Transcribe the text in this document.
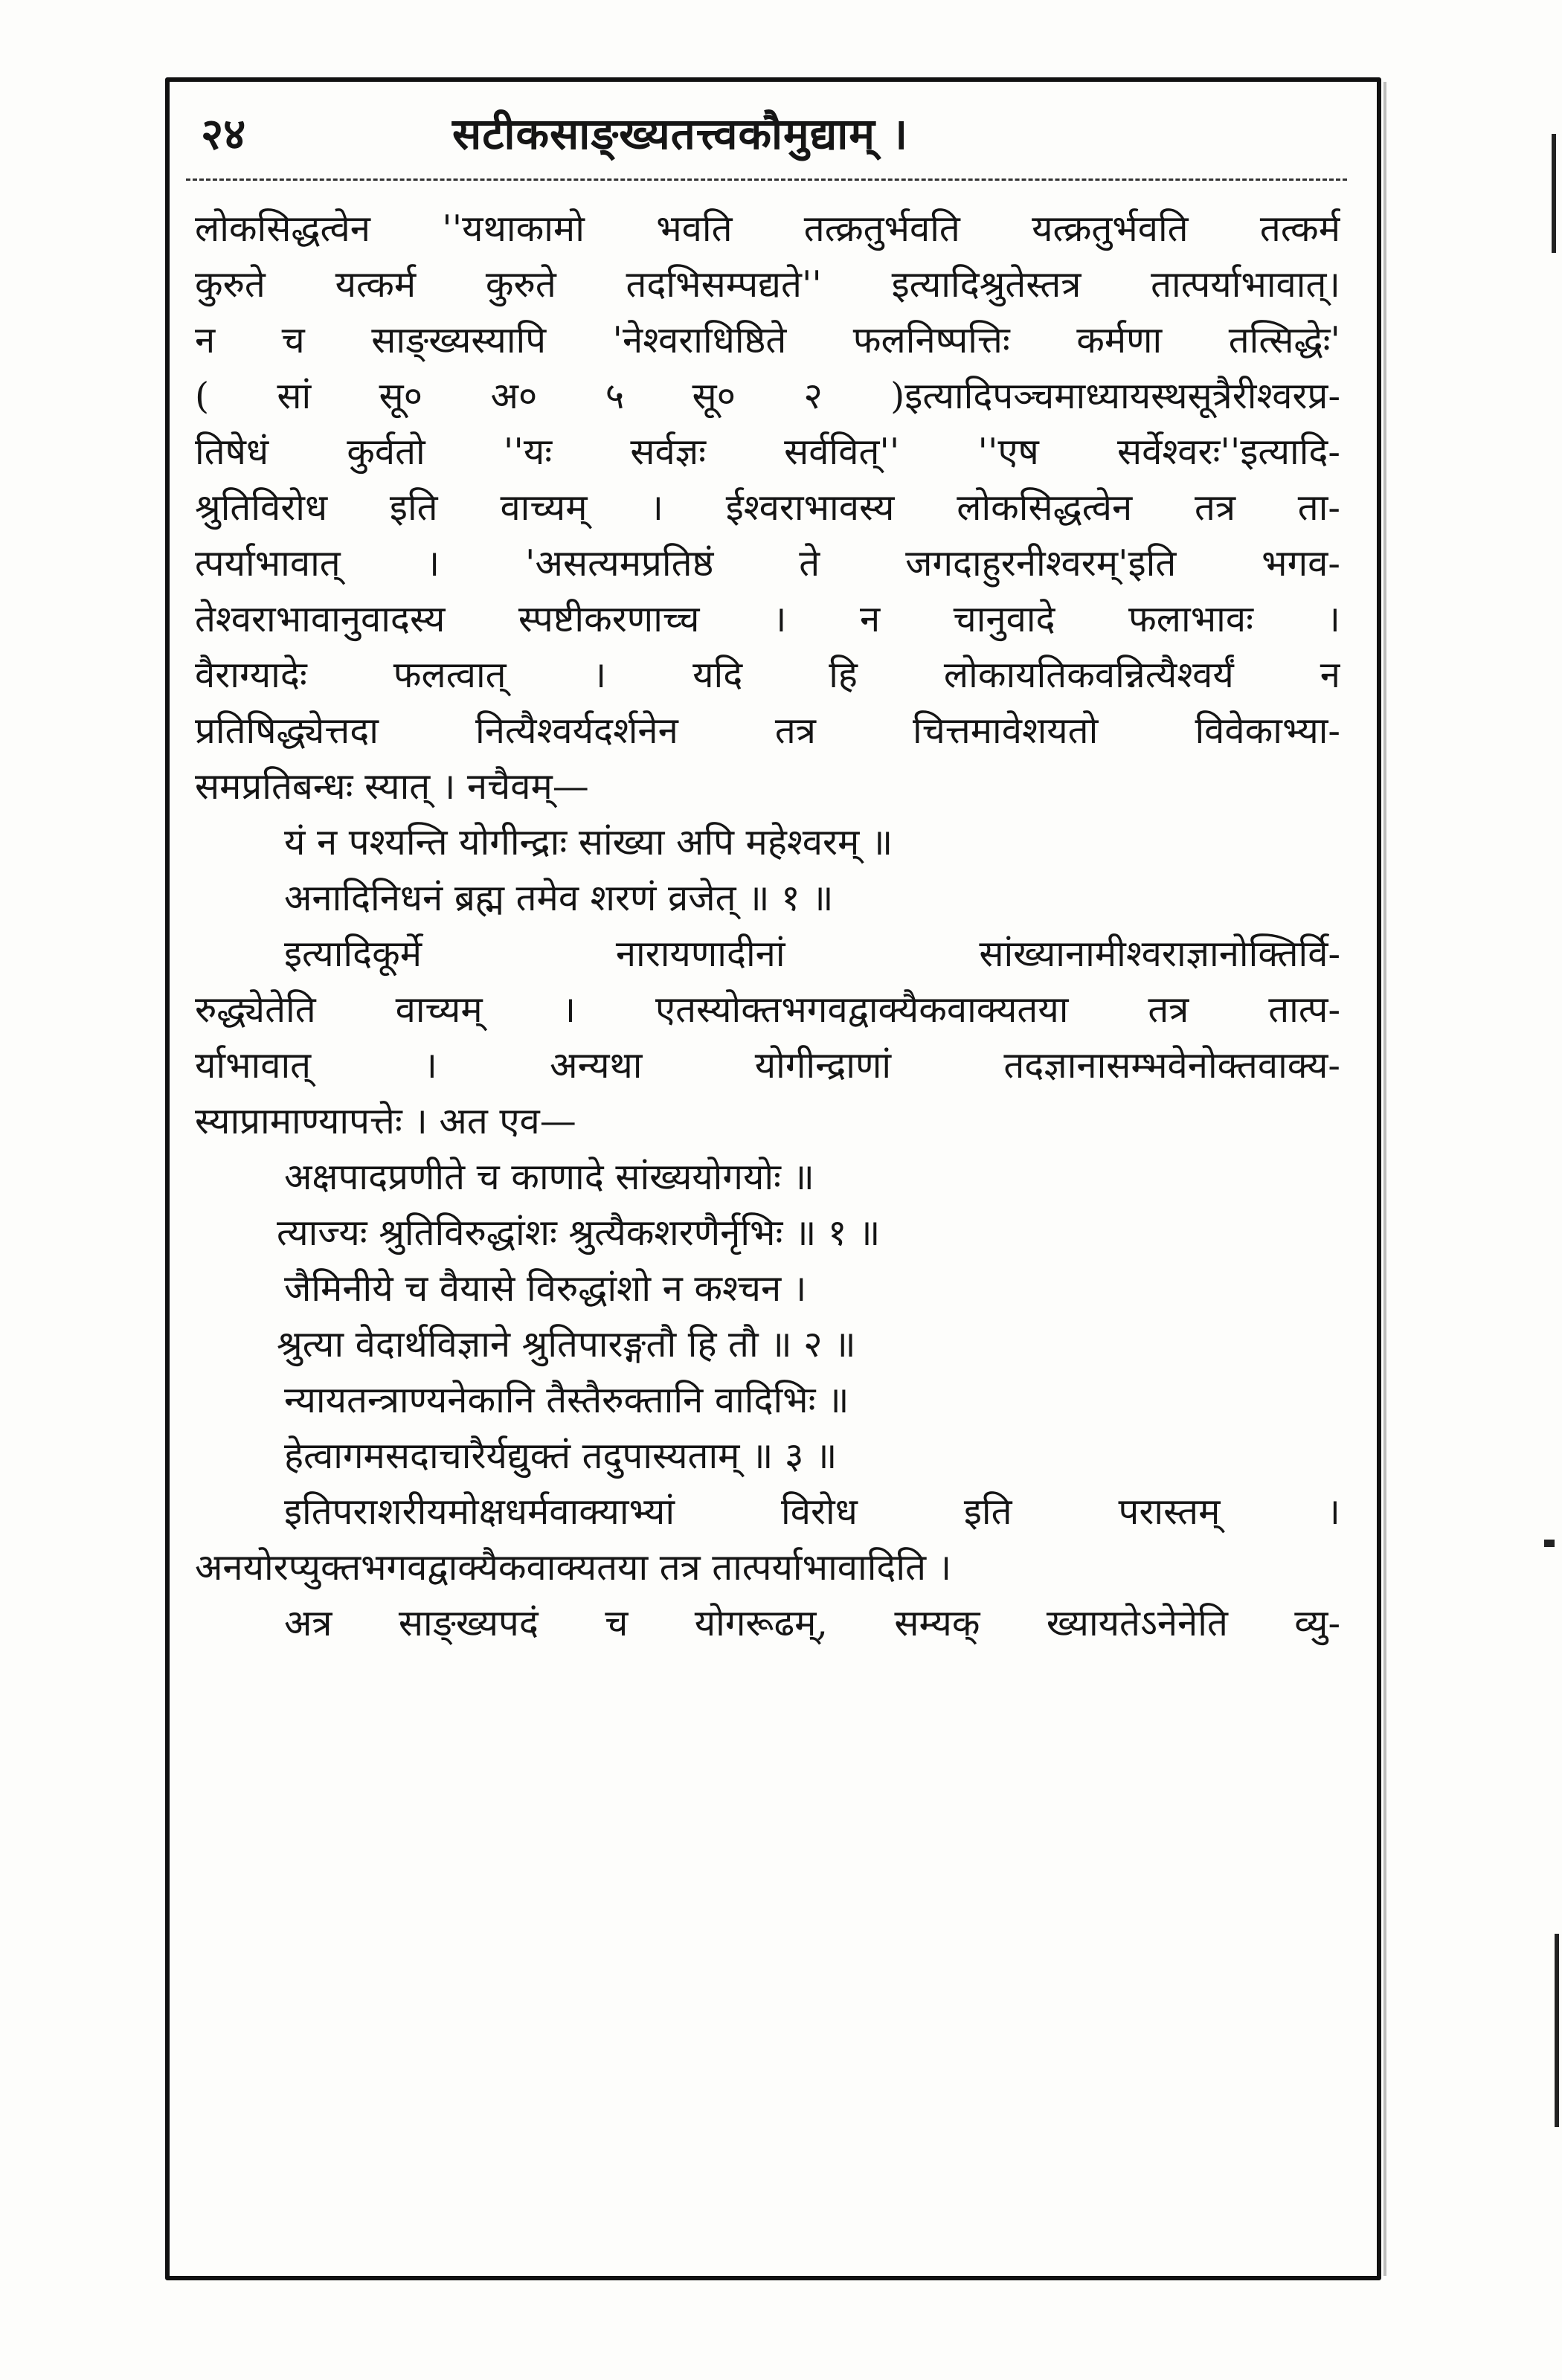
२४	सटीकसाङ्ख्यतत्त्वकौमुद्याम् ।
लोकसिद्धत्वेन ''यथाकामो भवति तत्क्रतुर्भवति यत्क्रतुर्भवति तत्कर्म
कुरुते यत्कर्म कुरुते तदभिसम्पद्यते'' इत्यादिश्रुतेस्तत्र तात्पर्याभावात्।
न च साङ्ख्यस्यापि 'नेश्वराधिष्ठिते फलनिष्पत्तिः कर्मणा तत्सिद्धेः'
( सां सू० अ० ५ सू० २ )इत्यादिपञ्चमाध्यायस्थसूत्रैरीश्वरप्र-
तिषेधं कुर्वतो ''यः सर्वज्ञः सर्ववित्'' ''एष सर्वेश्वरः''इत्यादि-
श्रुतिविरोध इति वाच्यम् । ईश्वराभावस्य लोकसिद्धत्वेन तत्र ता-
त्पर्याभावात् । 'असत्यमप्रतिष्ठं ते जगदाहुरनीश्वरम्'इति भगव-
तेश्वराभावानुवादस्य स्पष्टीकरणाच्च । न चानुवादे फलाभावः ।
वैराग्यादेः फलत्वात् । यदि हि लोकायतिकवन्नित्यैश्वर्यं न
प्रतिषिद्ध्येत्तदा नित्यैश्वर्यदर्शनेन तत्र चित्तमावेशयतो विवेकाभ्या-
समप्रतिबन्धः स्यात् । नचैवम्—
यं न पश्यन्ति योगीन्द्राः सांख्या अपि महेश्वरम् ॥
अनादिनिधनं ब्रह्म तमेव शरणं व्रजेत् ॥ १ ॥
इत्यादिकूर्मे नारायणादीनां सांख्यानामीश्वराज्ञानोक्तिर्वि-
रुद्ध्येतेति वाच्यम् । एतस्योक्तभगवद्वाक्यैकवाक्यतया तत्र तात्प-
र्याभावात् । अन्यथा योगीन्द्राणां तदज्ञानासम्भवेनोक्तवाक्य-
स्याप्रामाण्यापत्तेः । अत एव—
अक्षपादप्रणीते च काणादे सांख्ययोगयोः ॥
त्याज्यः श्रुतिविरुद्धांशः श्रुत्यैकशरणैर्नृभिः ॥ १ ॥
जैमिनीये च वैयासे विरुद्धांशो न कश्चन ।
श्रुत्या वेदार्थविज्ञाने श्रुतिपारङ्गतौ हि तौ ॥ २ ॥
न्यायतन्त्राण्यनेकानि तैस्तैरुक्तानि वादिभिः ॥
हेत्वागमसदाचारैर्यद्युक्तं तदुपास्यताम् ॥ ३ ॥
इतिपराशरीयमोक्षधर्मवाक्याभ्यां विरोध इति परास्तम् ।
अनयोरप्युक्तभगवद्वाक्यैकवाक्यतया तत्र तात्पर्याभावादिति ।
अत्र साङ्ख्यपदं च योगरूढम्, सम्यक् ख्यायतेऽनेनेति व्यु-
